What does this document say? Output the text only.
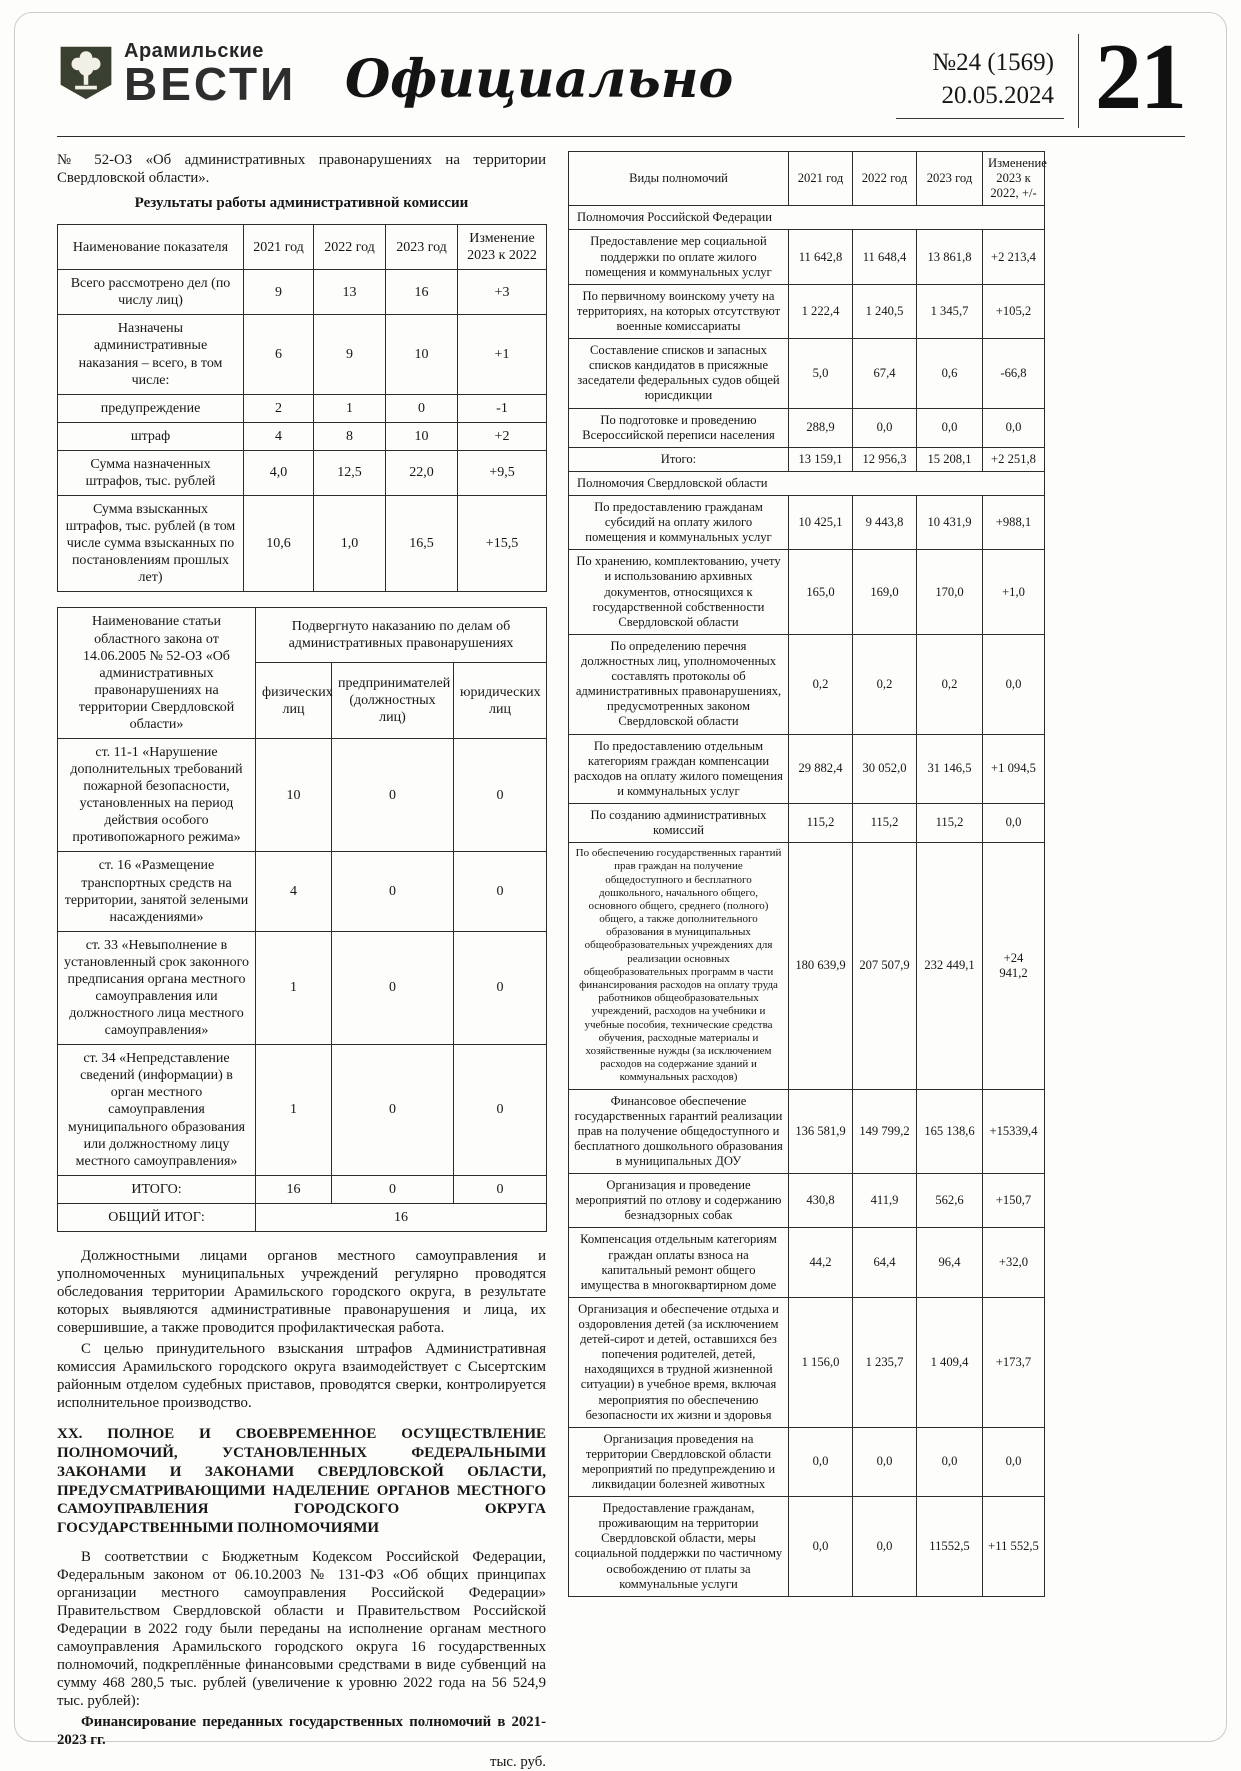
Арамильские
ВЕСТИ Официально	№24 (1569)
20.05.2024 21

№ 52-ОЗ «Об административных правонарушениях на территории Свердловской области».

Результаты работы административной комиссии
Наименование показателя	2021 год	2022 год	2023 год	Изменение 2023 к 2022
Всего рассмотрено дел (по числу лиц)	9	13	16	+3
Назначены административные наказания – всего, в том числе:	6	9	10	+1
предупреждение	2	1	0	-1
штраф	4	8	10	+2
Сумма назначенных штрафов, тыс. рублей	4,0	12,5	22,0	+9,5
Сумма взысканных штрафов, тыс. рублей (в том числе сумма взысканных по постановлениям прошлых лет)	10,6	1,0	16,5	+15,5
Наименование статьи областного закона от 14.06.2005 № 52-ОЗ «Об административных правонарушениях на территории Свердловской области»	Подвергнуто наказанию по делам об административных правонарушениях		
	физических лиц	предпринимателей (должностных лиц)	юридических лиц
ст. 11-1 «Нарушение дополнительных требований пожарной безопасности, установленных на период действия особого противопожарного режима»	10	0	0
ст. 16 «Размещение транспортных средств на территории, занятой зелеными насаждениями»	4	0	0
ст. 33 «Невыполнение в установленный срок законного предписания органа местного самоуправления или должностного лица местного самоуправления»	1	0	0
ст. 34 «Непредставление сведений (информации) в орган местного самоуправления муниципального образования или должностному лицу местного самоуправления»	1	0	0
ИТОГО:	16	0	0
ОБЩИЙ ИТОГ:	16		

Должностными лицами органов местного самоуправления и уполномоченных муниципальных учреждений регулярно проводятся обследования территории Арамильского городского округа, в результате которых выявляются административные правонарушения и лица, их совершившие, а также проводится профилактическая работа.

С целью принудительного взыскания штрафов Административная комиссия Арамильского городского округа взаимодействует с Сысертским районным отделом судебных приставов, проводятся сверки, контролируется исполнительное производство.

XX. ПОЛНОЕ И СВОЕВРЕМЕННОЕ ОСУЩЕСТВЛЕНИЕ ПОЛНОМОЧИЙ, УСТАНОВЛЕННЫХ ФЕДЕРАЛЬНЫМИ ЗАКОНАМИ И ЗАКОНАМИ СВЕРДЛОВСКОЙ ОБЛАСТИ, ПРЕДУСМАТРИВАЮЩИМИ НАДЕЛЕНИЕ ОРГАНОВ МЕСТНОГО САМОУПРАВЛЕНИЯ ГОРОДСКОГО ОКРУГА ГОСУДАРСТВЕННЫМИ ПОЛНОМОЧИЯМИ

В соответствии с Бюджетным Кодексом Российской Федерации, Федеральным законом от 06.10.2003 № 131-ФЗ «Об общих принципах организации местного самоуправления Российской Федерации» Правительством Свердловской области и Правительством Российской Федерации в 2022 году были переданы на исполнение органам местного самоуправления Арамильского городского округа 16 государственных полномочий, подкреплённые финансовыми средствами в виде субвенций на сумму 468 280,5 тыс. рублей (увеличение к уровню 2022 года на 56 524,9 тыс. рублей):

Финансирование переданных государственных полномочий в 2021-2023 гг.

тыс. руб.

Виды полномочий	2021 год	2022 год	2023 год	Изменение 2023 к 2022, +/-
Полномочия Российской Федерации				
Предоставление мер социальной поддержки по оплате жилого помещения и коммунальных услуг	11 642,8	11 648,4	13 861,8	+2 213,4
По первичному воинскому учету на территориях, на которых отсутствуют военные комиссариаты	1 222,4	1 240,5	1 345,7	+105,2
Составление списков и запасных списков кандидатов в присяжные заседатели федеральных судов общей юрисдикции	5,0	67,4	0,6	-66,8
По подготовке и проведению Всероссийской переписи населения	288,9	0,0	0,0	0,0
Итого:	13 159,1	12 956,3	15 208,1	+2 251,8
Полномочия Свердловской области				
По предоставлению гражданам субсидий на оплату жилого помещения и коммунальных услуг	10 425,1	9 443,8	10 431,9	+988,1
По хранению, комплектованию, учету и использованию архивных документов, относящихся к государственной собственности Свердловской области	165,0	169,0	170,0	+1,0
По определению перечня должностных лиц, уполномоченных составлять протоколы об административных правонарушениях, предусмотренных законом Свердловской области	0,2	0,2	0,2	0,0
По предоставлению отдельным категориям граждан компенсации расходов на оплату жилого помещения и коммунальных услуг	29 882,4	30 052,0	31 146,5	+1 094,5
По созданию административных комиссий	115,2	115,2	115,2	0,0
По обеспечению государственных гарантий прав граждан на получение общедоступного и бесплатного дошкольного, начального общего, основного общего, среднего (полного) общего, а также дополнительного образования в муниципальных общеобразовательных учреждениях для реализации основных общеобразовательных программ в части финансирования расходов на оплату труда работников общеобразовательных учреждений, расходов на учебники и учебные пособия, технические средства обучения, расходные материалы и хозяйственные нужды (за исключением расходов на содержание зданий и коммунальных расходов)	180 639,9	207 507,9	232 449,1	+24 941,2
Финансовое обеспечение государственных гарантий реализации прав на получение общедоступного и бесплатного дошкольного образования в муниципальных ДОУ	136 581,9	149 799,2	165 138,6	+15339,4
Организация и проведение мероприятий по отлову и содержанию безнадзорных собак	430,8	411,9	562,6	+150,7
Компенсация отдельным категориям граждан оплаты взноса на капитальный ремонт общего имущества в многоквартирном доме	44,2	64,4	96,4	+32,0
Организация и обеспечение отдыха и оздоровления детей (за исключением детей-сирот и детей, оставшихся без попечения родителей, детей, находящихся в трудной жизненной ситуации) в учебное время, включая мероприятия по обеспечению безопасности их жизни и здоровья	1 156,0	1 235,7	1 409,4	+173,7
Организация проведения на территории Свердловской области мероприятий по предупреждению и ликвидации болезней животных	0,0	0,0	0,0	0,0
Предоставление гражданам, проживающим на территории Свердловской области, меры социальной поддержки по частичному освобождению от платы за коммунальные услуги	0,0	0,0	11552,5	+11 552,5
